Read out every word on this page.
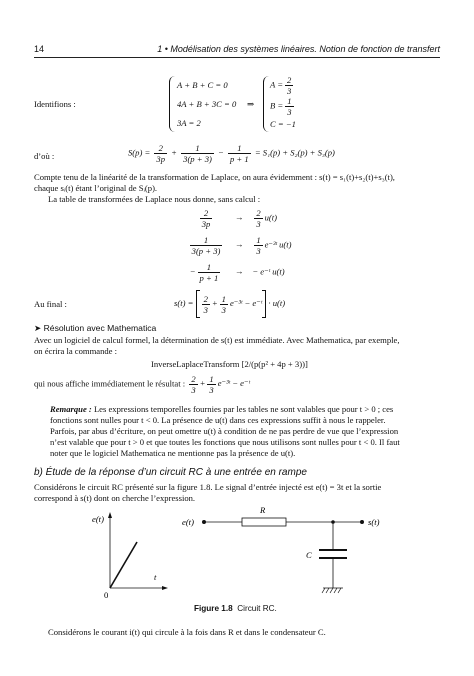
14	1 • Modélisation des systèmes linéaires. Notion de fonction de transfert
Identifions :
A + B + C = 0
4A + B + 3C = 0
3A = 2
⇒
$A = \frac{2}{3}$
$B = \frac{1}{3}$
C = −1
d’où :	$S(p) = \frac{2}{3p} + \frac{1}{3(p + 3)} - \frac{1}{p + 1} = S_1(p) + S_2(p) + S_3(p)$
Compte tenu de la linéarité de la transformation de Laplace, on aura évidemment : s(t) = s₁(t)+s₂(t)+s₃(t),
chaque sᵢ(t) étant l’original de Sᵢ(p).
La table de transformées de Laplace nous donne, sans calcul :
$\frac{2}{3p}$	→ $\frac{2}{3} u(t)$
$\frac{1}{3(p + 3)} \to \frac{1}{3}$ e⁻³ᵗ u(t)
− $\frac{1}{p + 1}$ → − e⁻ᵗ u(t)
Au final :	$s(t) = \frac{2}{3} + \frac{1}{3}$ e⁻³ᵗ − e⁻ᵗ · u(t)
➤ Résolution avec Mathematica
Avec un logiciel de calcul formel, la détermination de s(t) est immédiate. Avec Mathematica, par exemple,
on écrira la commande :
InverseLaplaceTransform [2/(p(p² + 4p + 3))]
qui nous affiche immédiatement le résultat : $\frac{2}{3} + \frac{1}{3}$ e⁻³ᵗ − e⁻ᵗ
Remarque : Les expressions temporelles fournies par les tables ne sont valables que pour t > 0 ; ces
fonctions sont nulles pour t < 0. La présence de u(t) dans ces expressions suffit à nous le rappeler.
Parfois, par abus d’écriture, on peut omettre u(t) à condition de ne pas perdre de vue que l’expression
n’est valable que pour t > 0 et que toutes les fonctions que nous utilisons sont nulles pour t < 0. Il faut
noter que le logiciel Mathematica ne mentionne pas la présence de u(t).
b) Étude de la réponse d’un circuit RC à une entrée en rampe
Considérons le circuit RC présenté sur la figure 1.8. Le signal d’entrée injecté est e(t) = 3t et la sortie
correspond à s(t) dont on cherche l’expression.
e(t)
t
0
e(t)
R
s(t)
C
Figure 1.8 Circuit RC.
Considérons le courant i(t) qui circule à la fois dans R et dans le condensateur C.
